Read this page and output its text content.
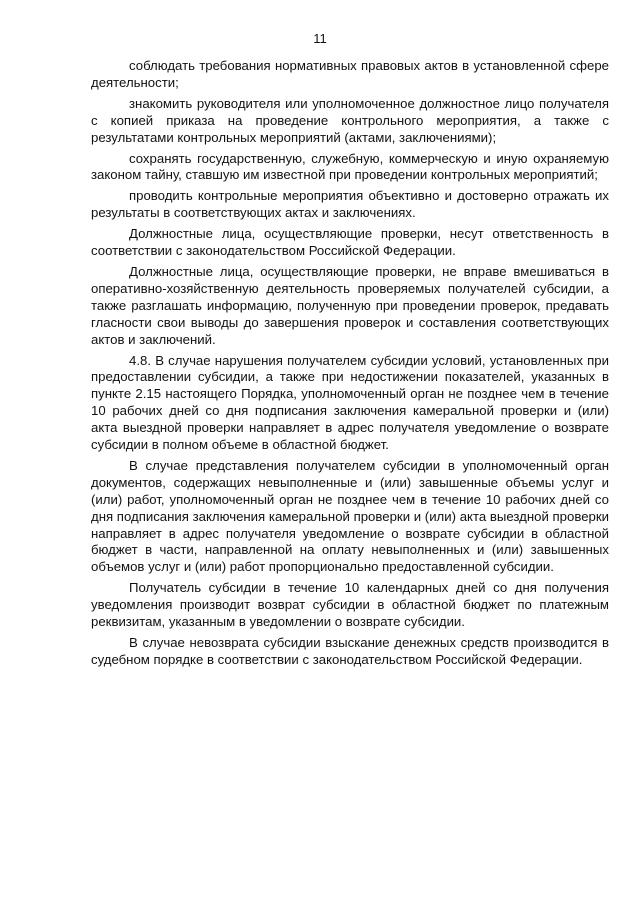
11

соблюдать требования нормативных правовых актов в установленной сфере деятельности;

знакомить руководителя или уполномоченное должностное лицо получателя с копией приказа на проведение контрольного мероприятия, а также с результатами контрольных мероприятий (актами, заключениями);

сохранять государственную, служебную, коммерческую и иную охраняемую законом тайну, ставшую им известной при проведении контрольных мероприятий;

проводить контрольные мероприятия объективно и достоверно отражать их результаты в соответствующих актах и заключениях.

Должностные лица, осуществляющие проверки, несут ответственность в соответствии с законодательством Российской Федерации.

Должностные лица, осуществляющие проверки, не вправе вмешиваться в оперативно-хозяйственную деятельность проверяемых получателей субсидии, а также разглашать информацию, полученную при проведении проверок, предавать гласности свои выводы до завершения проверок и составления соответствующих актов и заключений.

4.8. В случае нарушения получателем субсидии условий, установленных при предоставлении субсидии, а также при недостижении показателей, указанных в пункте 2.15 настоящего Порядка, уполномоченный орган не позднее чем в течение 10 рабочих дней со дня подписания заключения камеральной проверки и (или) акта выездной проверки направляет в адрес получателя уведомление о возврате субсидии в полном объеме в областной бюджет.

В случае представления получателем субсидии в уполномоченный орган документов, содержащих невыполненные и (или) завышенные объемы услуг и (или) работ, уполномоченный орган не позднее чем в течение 10 рабочих дней со дня подписания заключения камеральной проверки и (или) акта выездной проверки направляет в адрес получателя уведомление о возврате субсидии в областной бюджет в части, направленной на оплату невыполненных и (или) завышенных объемов услуг и (или) работ пропорционально предоставленной субсидии.

Получатель субсидии в течение 10 календарных дней со дня получения уведомления производит возврат субсидии в областной бюджет по платежным реквизитам, указанным в уведомлении о возврате субсидии.

В случае невозврата субсидии взыскание денежных средств производится в судебном порядке в соответствии с законодательством Российской Федерации.
